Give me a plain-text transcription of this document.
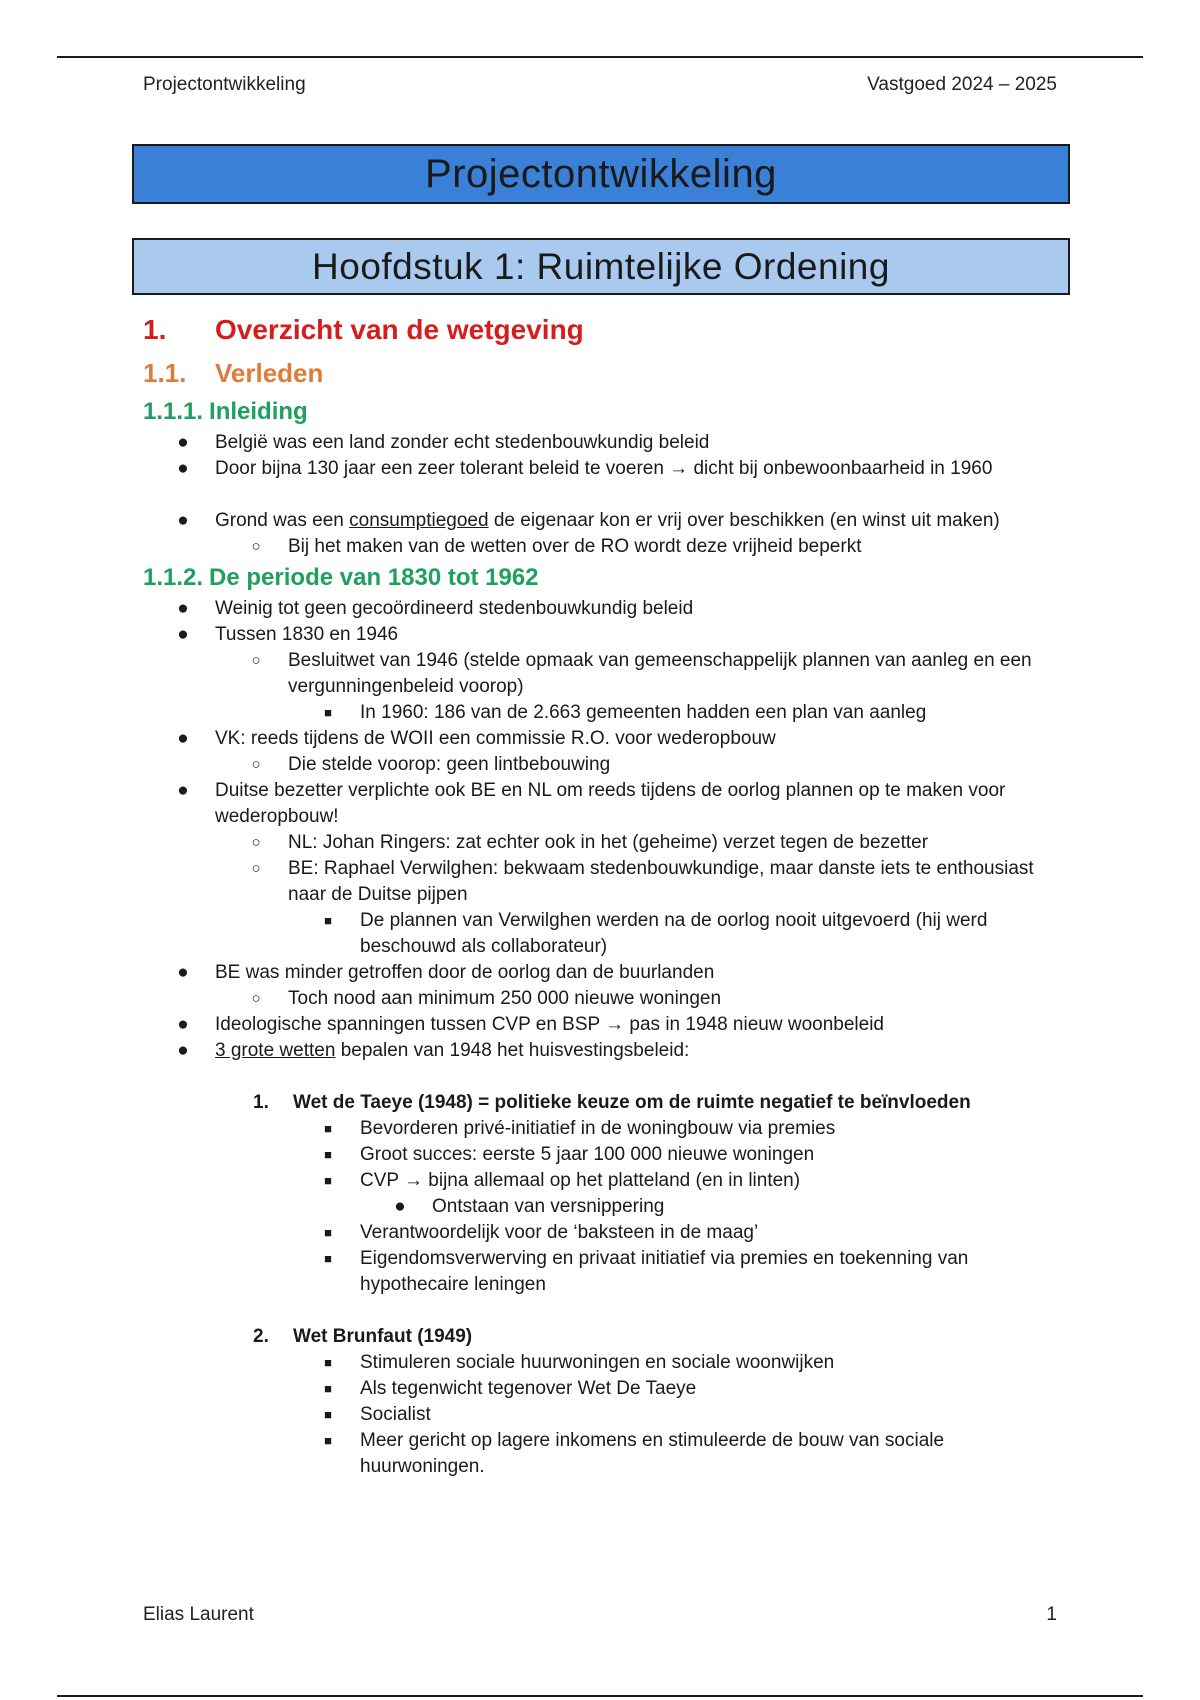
Projectontwikkeling	Vastgoed 2024 – 2025
Projectontwikkeling
Hoofdstuk 1: Ruimtelijke Ordening
1.	Overzicht van de wetgeving
1.1.	Verleden
1.1.1. Inleiding
● België was een land zonder echt stedenbouwkundig beleid
● Door bijna 130 jaar een zeer tolerant beleid te voeren → dicht bij onbewoonbaarheid in 1960
● Grond was een consumptiegoed de eigenaar kon er vrij over beschikken (en winst uit maken)
○ Bij het maken van de wetten over de RO wordt deze vrijheid beperkt
1.1.2. De periode van 1830 tot 1962
● Weinig tot geen gecoördineerd stedenbouwkundig beleid
● Tussen 1830 en 1946
○ Besluitwet van 1946 (stelde opmaak van gemeenschappelijk plannen van aanleg en een vergunningenbeleid voorop)
■	In 1960: 186 van de 2.663 gemeenten hadden een plan van aanleg
● VK: reeds tijdens de WOII een commissie R.O. voor wederopbouw
○ Die stelde voorop: geen lintbebouwing
● Duitse bezetter verplichte ook BE en NL om reeds tijdens de oorlog plannen op te maken voor wederopbouw!
○ NL: Johan Ringers: zat echter ook in het (geheime) verzet tegen de bezetter
○ BE: Raphael Verwilghen: bekwaam stedenbouwkundige, maar danste iets te enthousiast naar de Duitse pijpen
■	De plannen van Verwilghen werden na de oorlog nooit uitgevoerd (hij werd beschouwd als collaborateur)
● BE was minder getroffen door de oorlog dan de buurlanden
○ Toch nood aan minimum 250 000 nieuwe woningen
● Ideologische spanningen tussen CVP en BSP → pas in 1948 nieuw woonbeleid
● 3 grote wetten bepalen van 1948 het huisvestingsbeleid:
1.	Wet de Taeye (1948) = politieke keuze om de ruimte negatief te beïnvloeden
■	Bevorderen privé-initiatief in de woningbouw via premies
■	Groot succes: eerste 5 jaar 100 000 nieuwe woningen
■	CVP → bijna allemaal op het platteland (en in linten)
● Ontstaan van versnippering
■	Verantwoordelijk voor de ‘baksteen in de maag’
■	Eigendomsverwerving en privaat initiatief via premies en toekenning van hypothecaire leningen
2.	Wet Brunfaut (1949)
■	Stimuleren sociale huurwoningen en sociale woonwijken
■	Als tegenwicht tegenover Wet De Taeye
■	Socialist
■	Meer gericht op lagere inkomens en stimuleerde de bouw van sociale huurwoningen.
Elias Laurent	1
